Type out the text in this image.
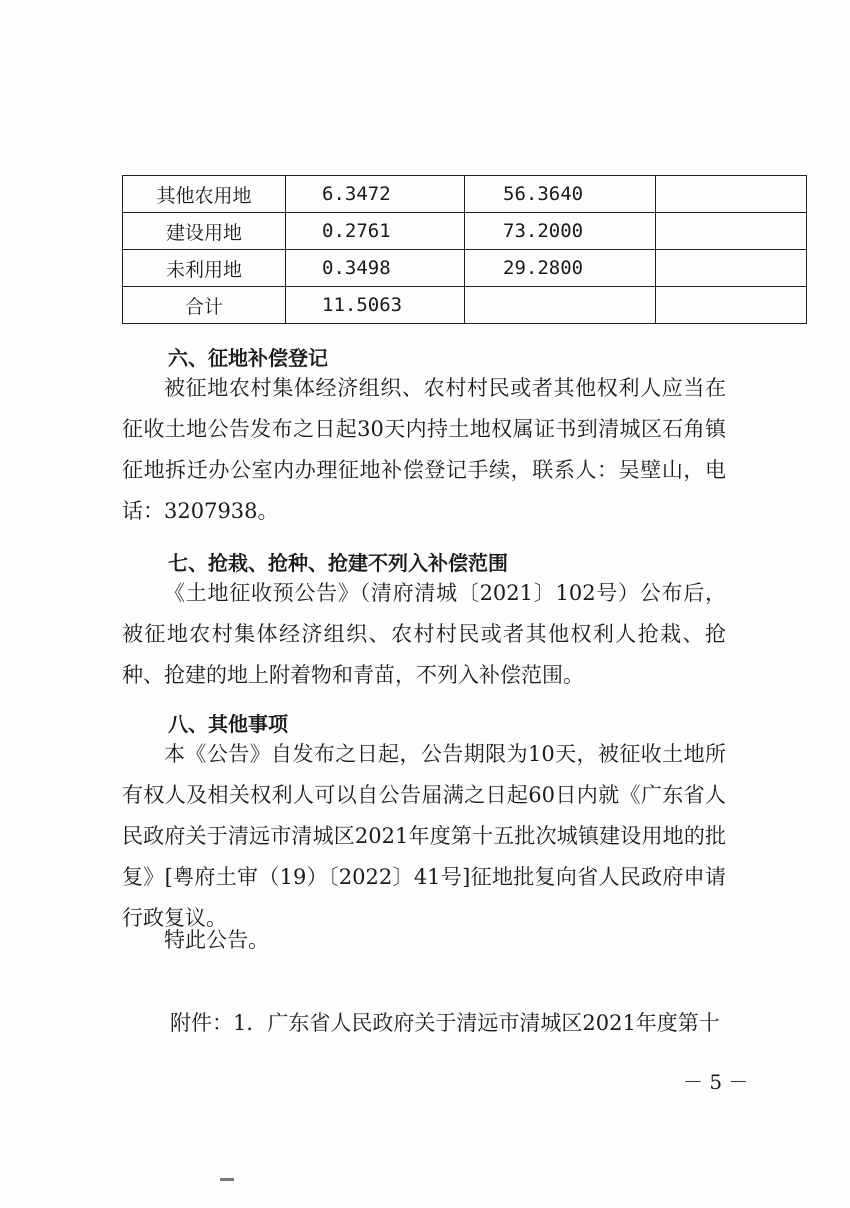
其他农用地	6.3472	56.3640	
建设用地	0.2761	73.2000	
未利用地	0.3498	29.2800	
合计	11.5063		
六、征地补偿登记
被征地农村集体经济组织、农村村民或者其他权利人应当在征收土地公告发布之日起30天内持土地权属证书到清城区石角镇征地拆迁办公室内办理征地补偿登记手续，联系人：吴壁山，电话：3207938。
七、抢栽、抢种、抢建不列入补偿范围
《土地征收预公告》（清府清城〔2021〕102号）公布后，被征地农村集体经济组织、农村村民或者其他权利人抢栽、抢种、抢建的地上附着物和青苗，不列入补偿范围。
八、其他事项
本《公告》自发布之日起，公告期限为10天，被征收土地所有权人及相关权利人可以自公告届满之日起60日内就《广东省人民政府关于清远市清城区2021年度第十五批次城镇建设用地的批复》[粤府土审（19）〔2022〕41号]征地批复向省人民政府申请行政复议。
特此公告。
附件：1．广东省人民政府关于清远市清城区2021年度第十
－ 5 －
